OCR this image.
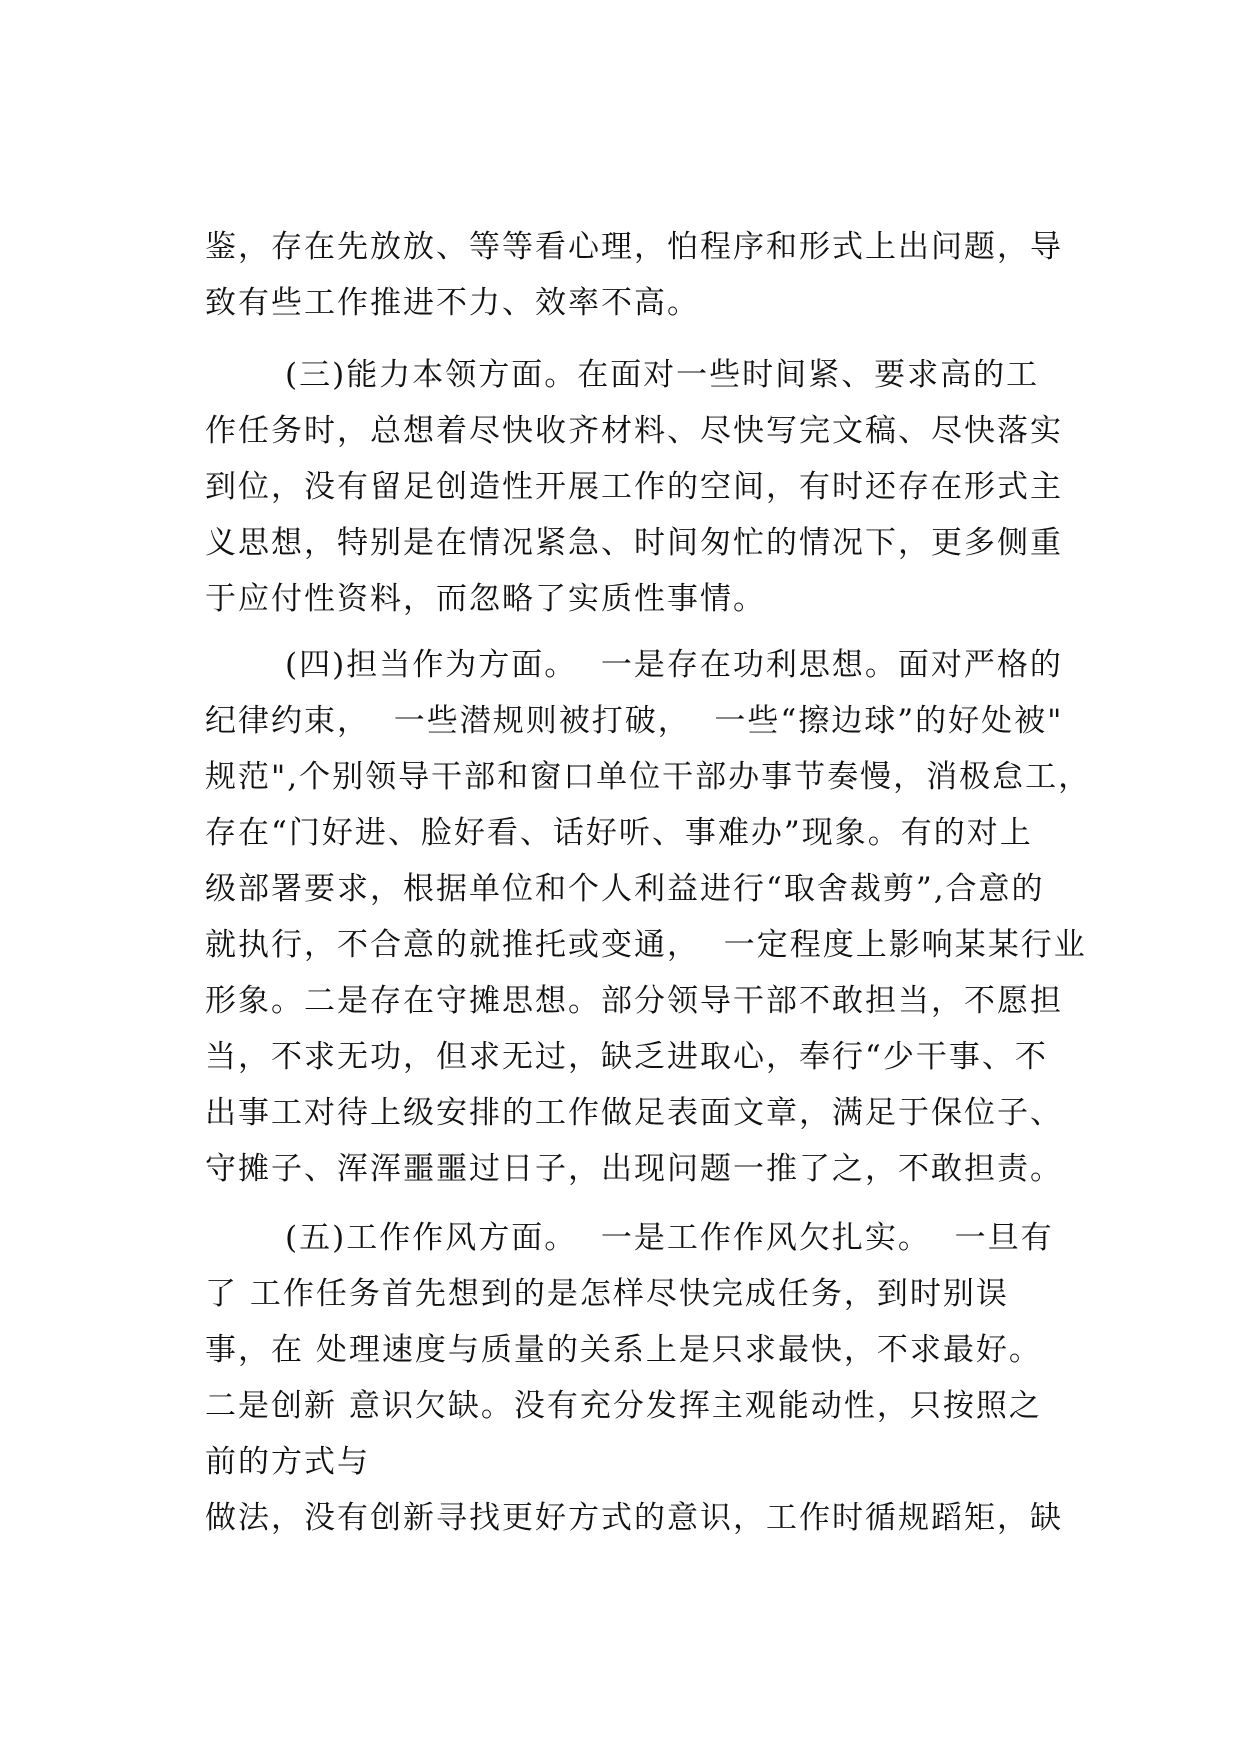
鉴，存在先放放、等等看心理，怕程序和形式上出问题，导
致有些工作推进不力、效率不高。
(三)能力本领方面。在面对一些时间紧、要求高的工
作任务时，总想着尽快收齐材料、尽快写完文稿、尽快落实
到位，没有留足创造性开展工作的空间，有时还存在形式主
义思想，特别是在情况紧急、时间匆忙的情况下，更多侧重
于应付性资料，而忽略了实质性事情。
(四)担当作为方面。  一是存在功利思想。面对严格的
纪律约束，  一些潜规则被打破，  一些“擦边球”的好处被"
规范",个别领导干部和窗口单位干部办事节奏慢，消极怠工，
存在“门好进、脸好看、话好听、事难办”现象。有的对上
级部署要求，根据单位和个人利益进行“取舍裁剪”,合意的
就执行，不合意的就推托或变通，  一定程度上影响某某行业
形象。二是存在守摊思想。部分领导干部不敢担当，不愿担
当，不求无功，但求无过，缺乏进取心，奉行“少干事、不
出事工对待上级安排的工作做足表面文章，满足于保位子、
守摊子、浑浑噩噩过日子，出现问题一推了之，不敢担责。
(五)工作作风方面。  一是工作作风欠扎实。  一旦有
了 工作任务首先想到的是怎样尽快完成任务，到时别误
事，在 处理速度与质量的关系上是只求最快，不求最好。
二是创新 意识欠缺。没有充分发挥主观能动性，只按照之
前的方式与
做法，没有创新寻找更好方式的意识，工作时循规蹈矩，缺
